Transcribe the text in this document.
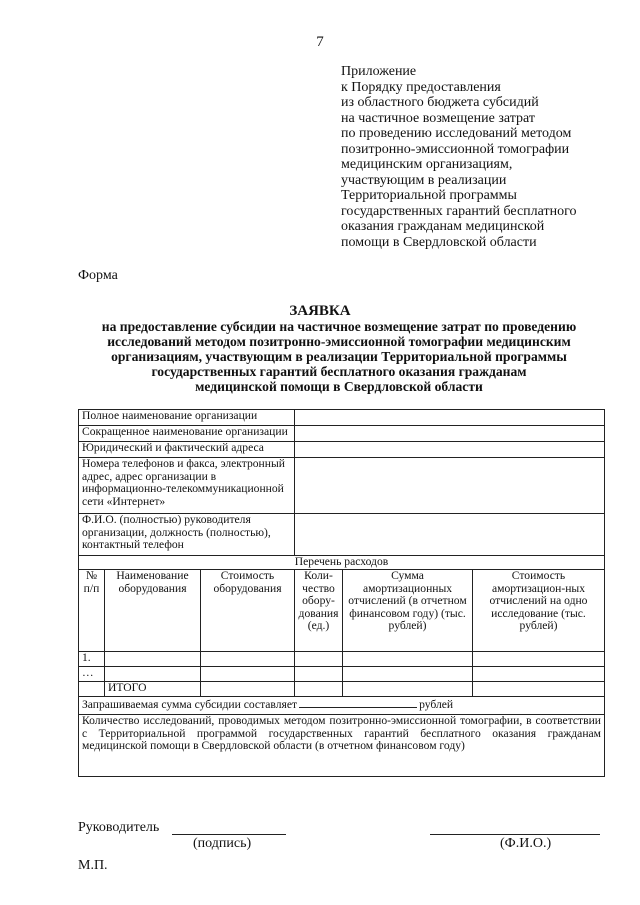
7
Приложение
к Порядку предоставления
из областного бюджета субсидий
на частичное возмещение затрат
по проведению исследований методом
позитронно-эмиссионной томографии
медицинским организациям,
участвующим в реализации
Территориальной программы
государственных гарантий бесплатного
оказания гражданам медицинской
помощи в Свердловской области
Форма
ЗАЯВКА
на предоставление субсидии на частичное возмещение затрат по проведению
исследований методом позитронно-эмиссионной томографии медицинским
организациям, участвующим в реализации Территориальной программы
государственных гарантий бесплатного оказания гражданам
медицинской помощи в Свердловской области
Полное наименование организации					
Сокращенное наименование организации					
Юридический и фактический адреса					
Номера телефонов и факса, электронный адрес, адрес организации в информационно-телекоммуникационной сети «Интернет»					
Ф.И.О. (полностью) руководителя организации, должность (полностью), контактный телефон					
Перечень расходов					
№ п/п	Наименование оборудования	Стоимость оборудования	Коли-чество обору-дования (ед.)	Сумма амортизационных отчислений (в отчетном финансовом году) (тыс. рублей)	Стоимость амортизацион-ных отчислений на одно исследование (тыс. рублей)
1.					
…					
	ИТОГО				
Запрашиваемая сумма субсидии составляет рублей					
Количество исследований, проводимых методом позитронно-эмиссионной томографии, в соответствии с Территориальной программой государственных гарантий бесплатного оказания гражданам медицинской помощи в Свердловской области (в отчетном финансовом году)					
Руководитель
(подпись)	(Ф.И.О.)
М.П.
